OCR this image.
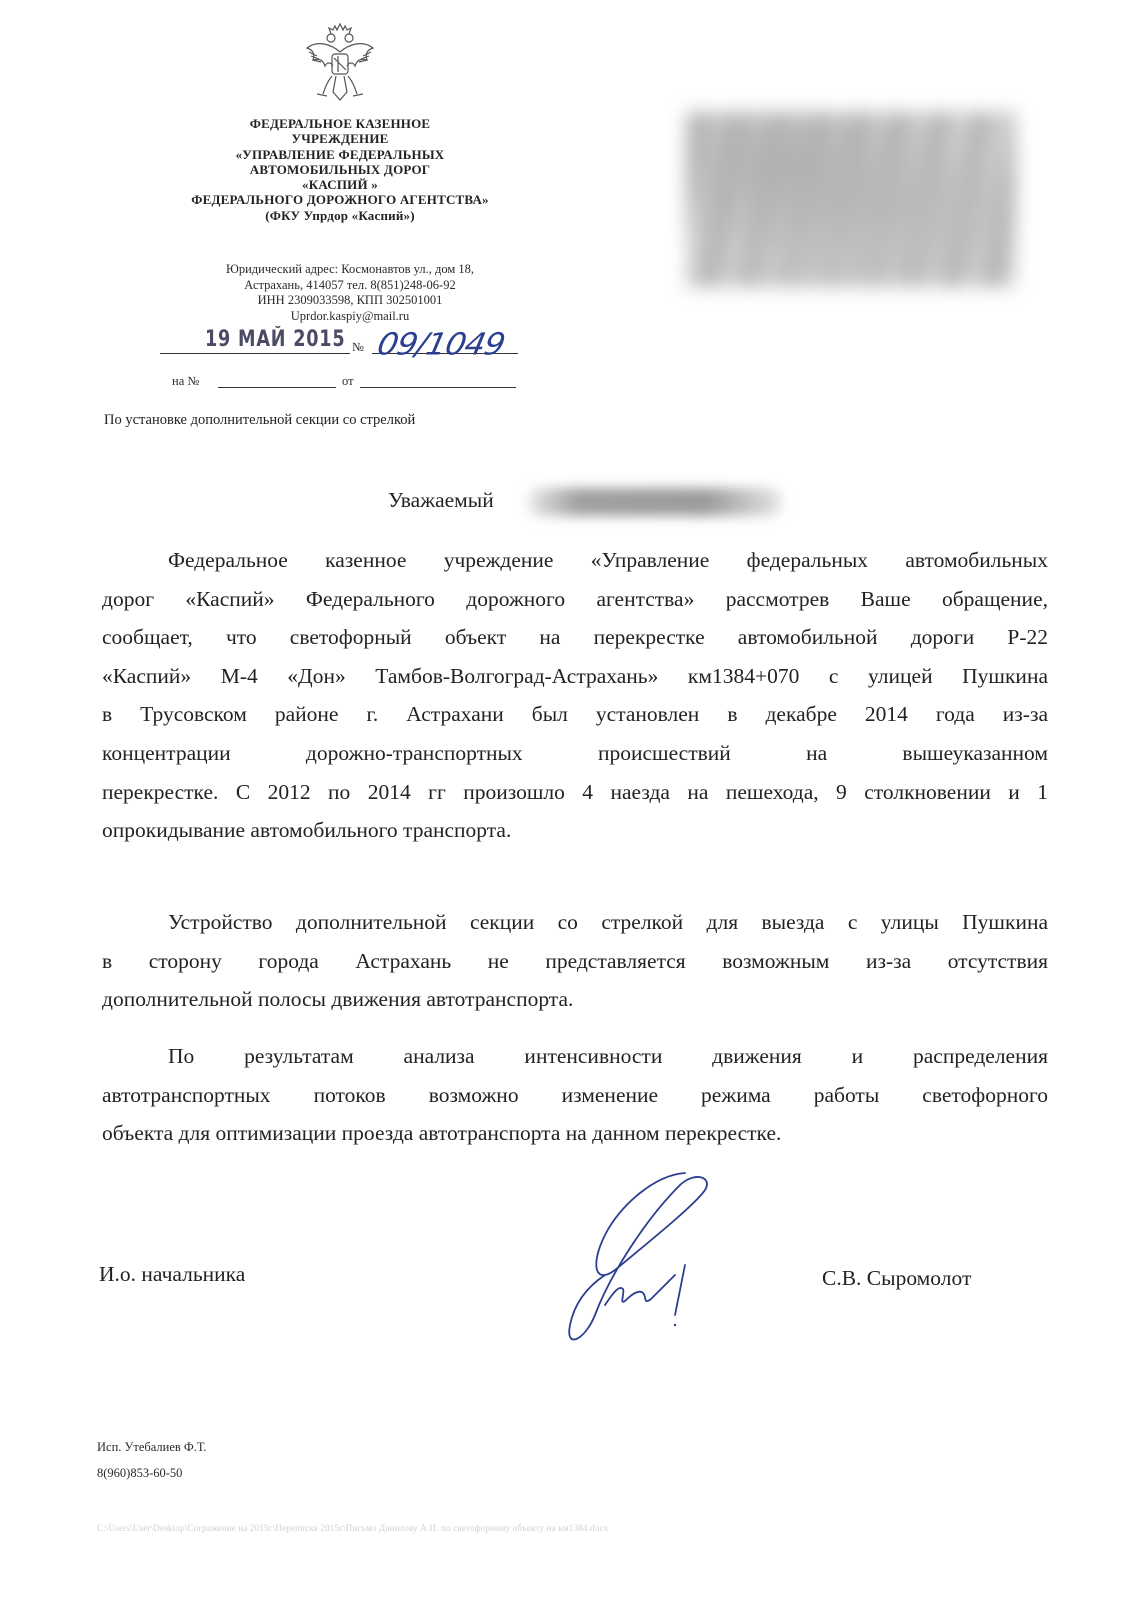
ФЕДЕРАЛЬНОЕ КАЗЕННОЕ
УЧРЕЖДЕНИЕ
«УПРАВЛЕНИЕ ФЕДЕРАЛЬНЫХ
АВТОМОБИЛЬНЫХ ДОРОГ
«КАСПИЙ »
ФЕДЕРАЛЬНОГО ДОРОЖНОГО АГЕНТСТВА»
(ФКУ Упрдор «Каспий»)
Юридический адрес: Космонавтов ул., дом 18,
Астрахань, 414057 тел. 8(851)248-06-92
ИНН 2309033598, КПП 302501001
Uprdor.kaspiy@mail.ru
19 МАЙ 2015 № 09/1049
на №	от
По установке дополнительной секции со стрелкой
Уважаемый
Федеральное казенное учреждение «Управление федеральных автомобильных
дорог «Каспий» Федерального дорожного агентства» рассмотрев Ваше обращение,
сообщает, что светофорный объект на перекрестке автомобильной дороги Р-22
«Каспий» М-4 «Дон» Тамбов-Волгоград-Астрахань» км1384+070 с улицей Пушкина
в Трусовском районе г. Астрахани был установлен в декабре 2014 года из-за
концентрации дорожно-транспортных происшествий на вышеуказанном
перекрестке. С 2012 по 2014 гг произошло 4 наезда на пешехода, 9 столкновении и 1
опрокидывание автомобильного транспорта.
Устройство дополнительной секции со стрелкой для выезда с улицы Пушкина
в сторону города Астрахань не представляется возможным из-за отсутствия
дополнительной полосы движения автотранспорта.
По результатам анализа интенсивности движения и распределения
автотранспортных потоков возможно изменение режима работы светофорного
объекта для оптимизации проезда автотранспорта на данном перекрестке.
И.о. начальника	С.В. Сыромолот
Исп. Утебалиев Ф.Т.
8(960)853-60-50
C:\Users\User\Desktop\Согражение на 2015г\Переписка 2015г\Письмо Данилову А.П. по светофорному объекту на км1384.docx
